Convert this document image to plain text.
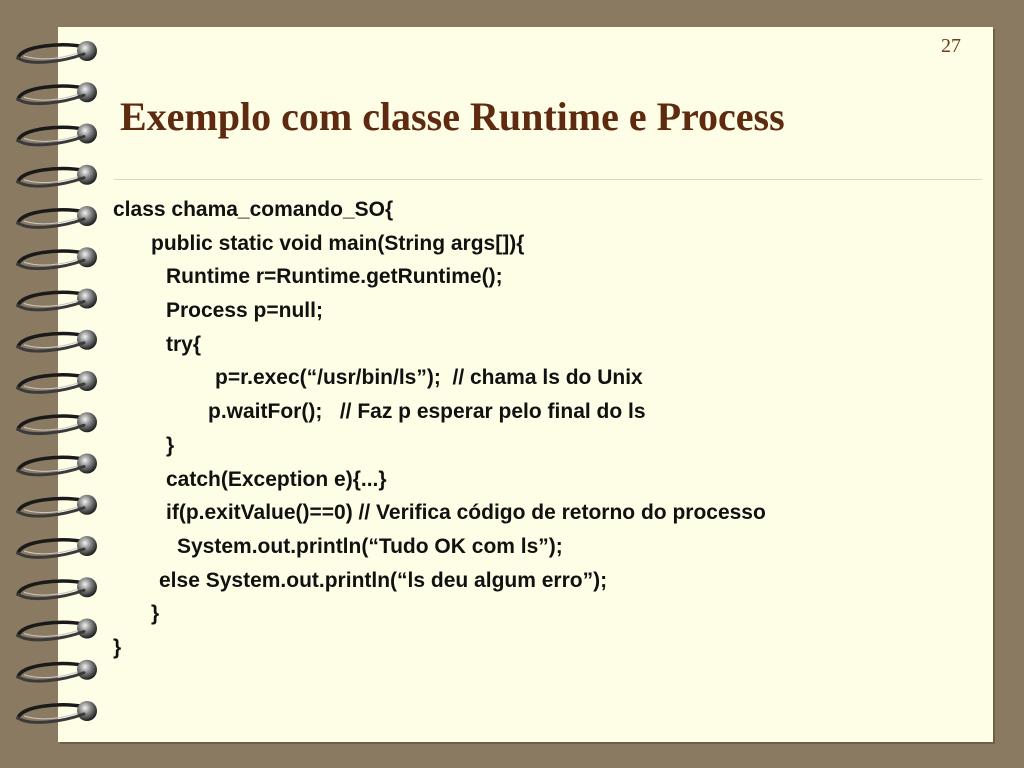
27
Exemplo com classe Runtime e Process
class chama_comando_SO{
public static void main(String args[]){
Runtime r=Runtime.getRuntime();
Process p=null;
try{
p=r.exec(“/usr/bin/ls”);  // chama ls do Unix
p.waitFor();   // Faz p esperar pelo final do ls
}
catch(Exception e){...}
if(p.exitValue()==0) // Verifica código de retorno do processo
System.out.println(“Tudo OK com ls”);
else System.out.println(“ls deu algum erro”);
}
}
